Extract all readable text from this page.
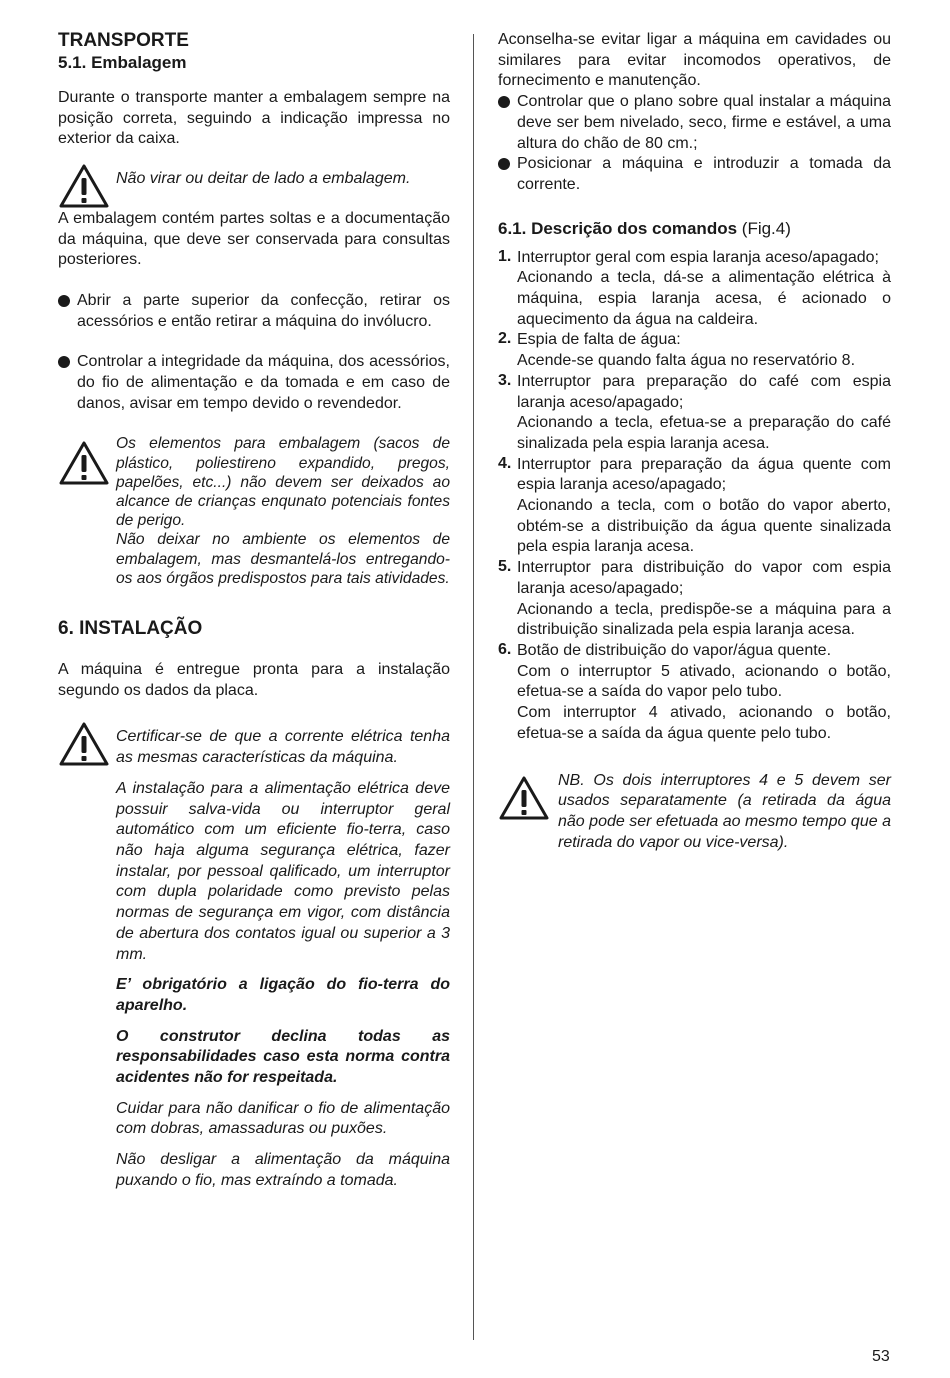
TRANSPORTE
5.1. Embalagem

Durante o transporte manter a embalagem sempre na posição correta, seguindo a indicação impressa no exterior da caixa.

Não virar ou deitar de lado a embalagem.

A embalagem contém partes soltas e a documentação da máquina, que deve ser conservada para consultas posteriores.

Abrir a parte superior da confecção, retirar os acessórios e então retirar a máquina do invólucro.

Controlar a integridade da máquina, dos acessórios, do fio de alimentação e da tomada e em caso de danos, avisar em tempo devido o revendedor.

Os elementos para embalagem (sacos de plástico, poliestireno expandido, pregos, papelões, etc...) não devem ser deixados ao alcance de crianças enqunato potenciais fontes de perigo.

Não deixar no ambiente os elementos de embalagem, mas desmantelá-los entregando-os aos órgãos predispostos para tais atividades.

6. INSTALAÇÃO

A máquina é entregue pronta para a instalação segundo os dados da placa.

Certificar-se de que a corrente elétrica tenha as mesmas características da máquina.

A instalação para a alimentação elétrica deve possuir salva-vida ou interruptor geral automático com um eficiente fio-terra, caso não haja alguma segurança elétrica, fazer instalar, por pessoal qalificado, um interruptor com dupla polaridade como previsto pelas normas de segurança em vigor, com distância de abertura dos contatos igual ou superior a 3 mm.

E’ obrigatório a ligação do fio-terra do aparelho.

O construtor declina todas as responsabilidades caso esta norma contra acidentes não for respeitada.

Cuidar para não danificar o fio de alimentação com dobras, amassaduras ou puxões.

Não desligar a alimentação da máquina puxando o fio, mas extraíndo a tomada.

Aconselha-se evitar ligar a máquina em cavidades ou similares para evitar incomodos operativos, de fornecimento e manutenção.

Controlar que o plano sobre qual instalar a máquina deve ser bem nivelado, seco, firme e estável, a uma altura do chão de 80 cm.;

Posicionar a máquina e introduzir a tomada da corrente.

6.1. Descrição dos comandos (Fig.4)
1. Interruptor geral com espia laranja aceso/apagado;

Acionando a tecla, dá-se a alimentação elétrica à máquina, espia laranja acesa, é acionado o aquecimento da água na caldeira.

2. Espia de falta de água:

Acende-se quando falta água no reservatório 8.

3. Interruptor para preparação do café com espia laranja aceso/apagado;

Acionando a tecla, efetua-se a preparação do café sinalizada pela espia laranja acesa.

4. Interruptor para preparação da água quente com espia laranja aceso/apagado;

Acionando a tecla, com o botão do vapor aberto, obtém-se a distribuição da água quente sinalizada pela espia laranja acesa.

5. Interruptor para distribuição do vapor com espia laranja aceso/apagado;

Acionando a tecla, predispõe-se a máquina para a distribuição sinalizada pela espia laranja acesa.

6. Botão de distribuição do vapor/água quente.

Com o interruptor 5 ativado, acionando o botão, efetua-se a saída do vapor pelo tubo.

Com interruptor 4 ativado, acionando o botão, efetua-se a saída da água quente pelo tubo.

NB. Os dois interruptores 4 e 5 devem ser usados separatamente (a retirada da água não pode ser efetuada ao mesmo tempo que a retirada do vapor ou vice-versa).

53
